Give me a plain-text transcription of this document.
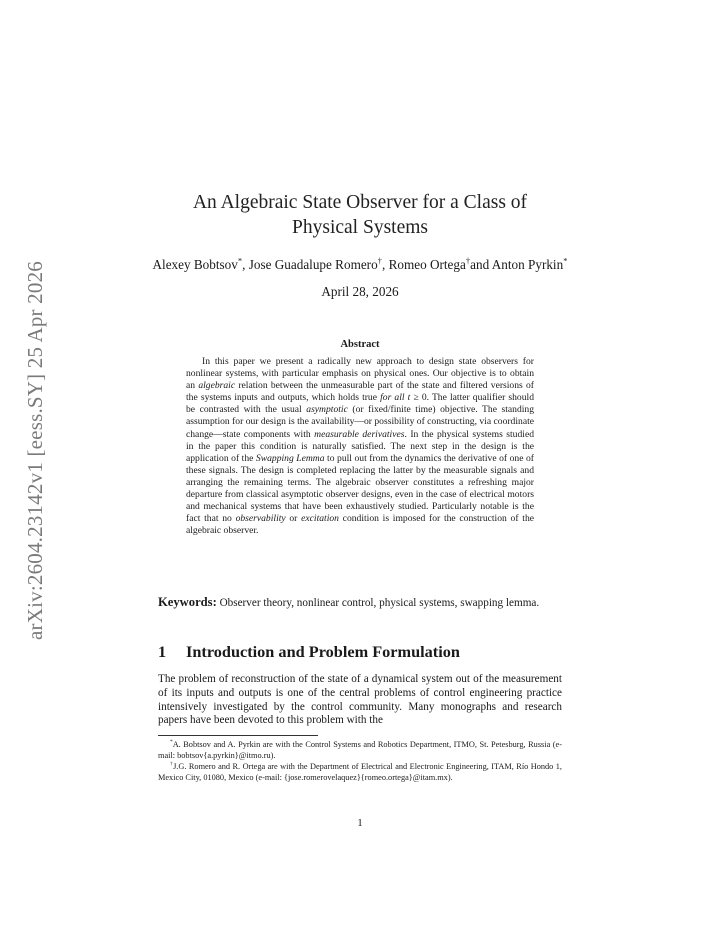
arXiv:2604.23142v1 [eess.SY] 25 Apr 2026
An Algebraic State Observer for a Class of
Physical Systems
Alexey Bobtsov*, Jose Guadalupe Romero†, Romeo Ortega†and Anton Pyrkin*
April 28, 2026
Abstract

In this paper we present a radically new approach to design state observers for nonlinear systems, with particular emphasis on physical ones. Our objective is to obtain an algebraic relation between the unmeasurable part of the state and filtered versions of the systems inputs and outputs, which holds true for all t ≥ 0. The latter qualifier should be contrasted with the usual asymptotic (or fixed/finite time) objective. The standing assumption for our design is the availability—or possibility of constructing, via coordinate change—state components with measurable derivatives. In the physical systems studied in the paper this condition is naturally satisfied. The next step in the design is the application of the Swapping Lemma to pull out from the dynamics the derivative of one of these signals. The design is completed replacing the latter by the measurable signals and arranging the remaining terms. The algebraic observer constitutes a refreshing major departure from classical asymptotic observer designs, even in the case of electrical motors and mechanical systems that have been exhaustively studied. Particularly notable is the fact that no observability or excitation condition is imposed for the construction of the algebraic observer.

Keywords: Observer theory, nonlinear control, physical systems, swapping lemma.
1 Introduction and Problem Formulation

The problem of reconstruction of the state of a dynamical system out of the measurement of its inputs and outputs is one of the central problems of control engineering practice intensively investigated by the control community. Many monographs and research papers have been devoted to this problem with the

*A. Bobtsov and A. Pyrkin are with the Control Systems and Robotics Department, ITMO, St. Petesburg, Russia (e-mail: bobtsov{a.pyrkin}@itmo.ru).

†J.G. Romero and R. Ortega are with the Department of Electrical and Electronic Engineering, ITAM, Río Hondo 1, Mexico City, 01080, Mexico (e-mail: {jose.romerovelaquez}{romeo.ortega}@itam.mx).

1
